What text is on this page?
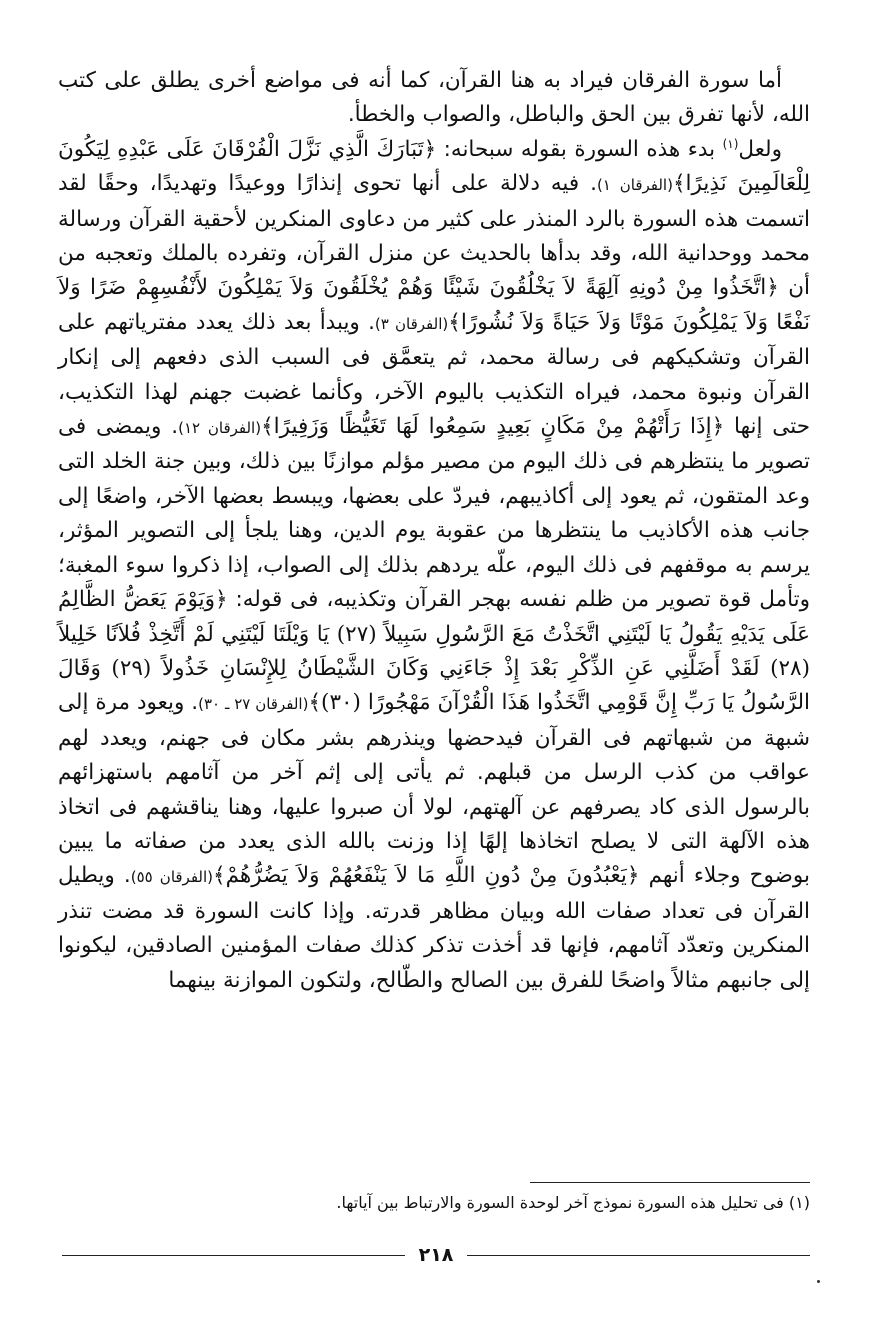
أما سورة الفرقان فيراد به هنا القرآن، كما أنه فى مواضع أخرى يطلق على كتب الله، لأنها تفرق بين الحق والباطل، والصواب والخطأ.

ولعل$^{(١)}$ بدء هذه السورة بقوله سبحانه: ﴿تَبَارَكَ الَّذِي نَزَّلَ الْفُرْقَانَ عَلَى عَبْدِهِ لِيَكُونَ لِلْعَالَمِينَ نَذِيرًا﴾(الفرقان ١). فيه دلالة على أنها تحوى إنذارًا ووعيدًا وتهديدًا، وحقًا لقد اتسمت هذه السورة بالرد المنذر على كثير من دعاوى المنكرين لأحقية القرآن ورسالة محمد ووحدانية الله، وقد بدأها بالحديث عن منزل القرآن، وتفرده بالملك وتعجبه من أن ﴿اتَّخَذُوا مِنْ دُونِهِ آلِهَةً لاَ يَخْلُقُونَ شَيْئًا وَهُمْ يُخْلَقُونَ وَلاَ يَمْلِكُونَ لأَنْفُسِهِمْ ضَرًا وَلاَ نَفْعًا وَلاَ يَمْلِكُونَ مَوْتًا وَلاَ حَيَاةً وَلاَ نُشُورًا﴾(الفرقان ٣). ويبدأ بعد ذلك يعدد مفترياتهم على القرآن وتشكيكهم فى رسالة محمد، ثم يتعمَّق فى السبب الذى دفعهم إلى إنكار القرآن ونبوة محمد، فيراه التكذيب باليوم الآخر، وكأنما غضبت جهنم لهذا التكذيب، حتى إنها ﴿إِذَا رَأَتْهُمْ مِنْ مَكَانٍ بَعِيدٍ سَمِعُوا لَهَا تَغَيُّظًا وَزَفِيرًا﴾(الفرقان ١٢). ويمضى فى تصوير ما ينتظرهم فى ذلك اليوم من مصير مؤلم موازنًا بين ذلك، وبين جنة الخلد التى وعد المتقون، ثم يعود إلى أكاذيبهم، فيردّ على بعضها، ويبسط بعضها الآخر، واضعًا إلى جانب هذه الأكاذيب ما ينتظرها من عقوبة يوم الدين، وهنا يلجأ إلى التصوير المؤثر، يرسم به موقفهم فى ذلك اليوم، علّه يردهم بذلك إلى الصواب، إذا ذكروا سوء المغبة؛ وتأمل قوة تصوير من ظلم نفسه بهجر القرآن وتكذيبه، فى قوله: ﴿وَيَوْمَ يَعَضُّ الظَّالِمُ عَلَى يَدَيْهِ يَقُولُ يَا لَيْتَنِي اتَّخَذْتُ مَعَ الرَّسُولِ سَبِيلاً (٢٧) يَا وَيْلَتَا لَيْتَنِي لَمْ أَتَّخِذْ فُلاَنًا خَلِيلاً (٢٨) لَقَدْ أَضَلَّنِي عَنِ الذِّكْرِ بَعْدَ إِذْ جَاءَنِي وَكَانَ الشَّيْطَانُ لِلإِنْسَانِ خَذُولاً (٢٩) وَقَالَ الرَّسُولُ يَا رَبِّ إِنَّ قَوْمِي اتَّخَذُوا هَذَا الْقُرْآنَ مَهْجُورًا (٣٠)﴾(الفرقان ٢٧ ـ ٣٠). ويعود مرة إلى شبهة من شبهاتهم فى القرآن فيدحضها وينذرهم بشر مكان فى جهنم، ويعدد لهم عواقب من كذب الرسل من قبلهم. ثم يأتى إلى إثم آخر من آثامهم باستهزائهم بالرسول الذى كاد يصرفهم عن آلهتهم، لولا أن صبروا عليها، وهنا يناقشهم فى اتخاذ هذه الآلهة التى لا يصلح اتخاذها إلهًا إذا وزنت بالله الذى يعدد من صفاته ما يبين بوضوح وجلاء أنهم ﴿يَعْبُدُونَ مِنْ دُونِ اللَّهِ مَا لاَ يَنْفَعُهُمْ وَلاَ يَضُرُّهُمْ﴾(الفرقان ٥٥). ويطيل القرآن فى تعداد صفات الله وبيان مظاهر قدرته. وإذا كانت السورة قد مضت تنذر المنكرين وتعدّد آثامهم، فإنها قد أخذت تذكر كذلك صفات المؤمنين الصادقين، ليكونوا إلى جانبهم مثالاً واضحًا للفرق بين الصالح والطّالح، ولتكون الموازنة بينهما

(١) فى تحليل هذه السورة نموذج آخر لوحدة السورة والارتباط بين آياتها.

٢١٨
